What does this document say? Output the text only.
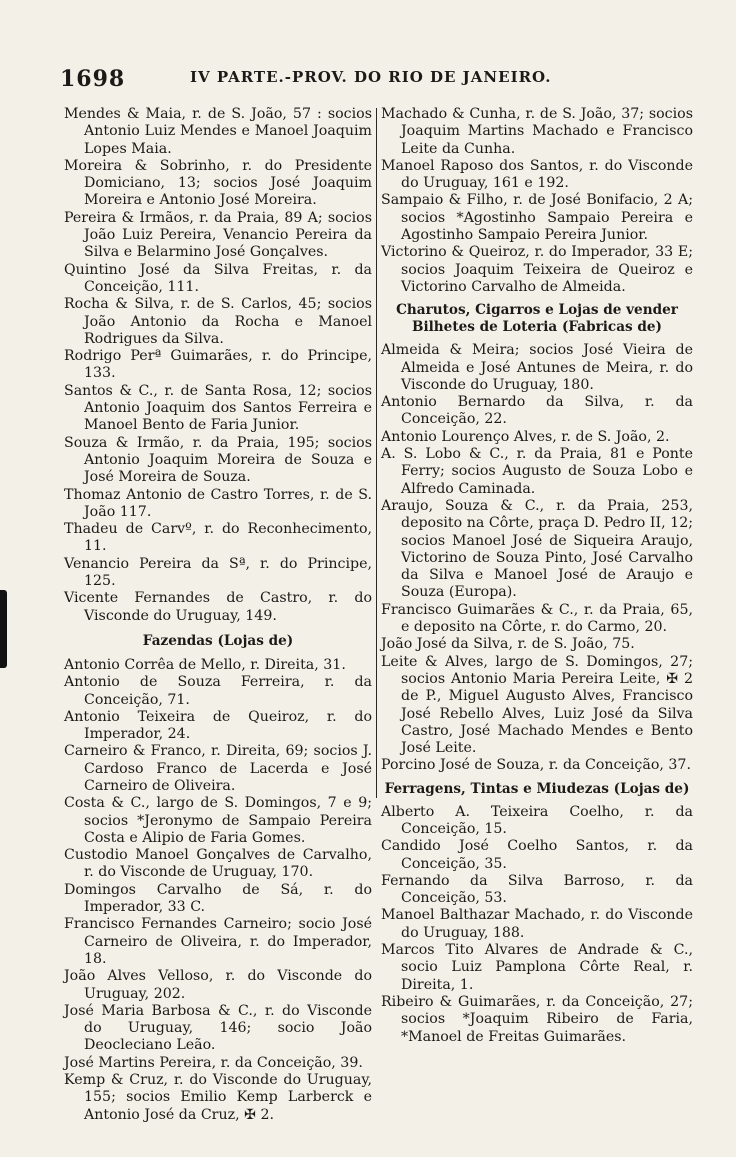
1698	IV PARTE.-PROV. DO RIO DE JANEIRO.

Mendes & Maia, r. de S. João, 57 : socios Antonio Luiz Mendes e Manoel Joaquim Lopes Maia.

Moreira & Sobrinho, r. do Presidente Domiciano, 13; socios José Joaquim Moreira e Antonio José Moreira.

Pereira & Irmãos, r. da Praia, 89 A; socios João Luiz Pereira, Venancio Pereira da Silva e Belarmino José Gonçalves.

Quintino José da Silva Freitas, r. da Conceição, 111.

Rocha & Silva, r. de S. Carlos, 45; socios João Antonio da Rocha e Manoel Rodrigues da Silva.

Rodrigo Perª Guimarães, r. do Principe, 133.

Santos & C., r. de Santa Rosa, 12; socios Antonio Joaquim dos Santos Ferreira e Manoel Bento de Faria Junior.

Souza & Irmão, r. da Praia, 195; socios Antonio Joaquim Moreira de Souza e José Moreira de Souza.

Thomaz Antonio de Castro Torres, r. de S. João 117.

Thadeu de Carvº, r. do Reconhecimento, 11.

Venancio Pereira da Sª, r. do Principe, 125.

Vicente Fernandes de Castro, r. do Visconde do Uruguay, 149.

Fazendas (Lojas de)

Antonio Corrêa de Mello, r. Direita, 31.

Antonio de Souza Ferreira, r. da Conceição, 71.

Antonio Teixeira de Queiroz, r. do Imperador, 24.

Carneiro & Franco, r. Direita, 69; socios J. Cardoso Franco de Lacerda e José Carneiro de Oliveira.

Costa & C., largo de S. Domingos, 7 e 9; socios *Jeronymo de Sampaio Pereira Costa e Alipio de Faria Gomes.

Custodio Manoel Gonçalves de Carvalho, r. do Visconde de Uruguay, 170.

Domingos Carvalho de Sá, r. do Imperador, 33 C.

Francisco Fernandes Carneiro; socio José Carneiro de Oliveira, r. do Imperador, 18.

João Alves Velloso, r. do Visconde do Uruguay, 202.

José Maria Barbosa & C., r. do Visconde do Uruguay, 146; socio João Deocleciano Leão.

José Martins Pereira, r. da Conceição, 39.

Kemp & Cruz, r. do Visconde do Uruguay, 155; socios Emilio Kemp Larberck e Antonio José da Cruz, ✠ 2.

Machado & Cunha, r. de S. João, 37; socios Joaquim Martins Machado e Francisco Leite da Cunha.

Manoel Raposo dos Santos, r. do Visconde do Uruguay, 161 e 192.

Sampaio & Filho, r. de José Bonifacio, 2 A; socios *Agostinho Sampaio Pereira e Agostinho Sampaio Pereira Junior.

Victorino & Queiroz, r. do Imperador, 33 E; socios Joaquim Teixeira de Queiroz e Victorino Carvalho de Almeida.

Charutos, Cigarros e Lojas de vender Bilhetes de Loteria (Fabricas de)

Almeida & Meira; socios José Vieira de Almeida e José Antunes de Meira, r. do Visconde do Uruguay, 180.

Antonio Bernardo da Silva, r. da Conceição, 22.

Antonio Lourenço Alves, r. de S. João, 2.

A. S. Lobo & C., r. da Praia, 81 e Ponte Ferry; socios Augusto de Souza Lobo e Alfredo Caminada.

Araujo, Souza & C., r. da Praia, 253, deposito na Côrte, praça D. Pedro II, 12; socios Manoel José de Siqueira Araujo, Victorino de Souza Pinto, José Carvalho da Silva e Manoel José de Araujo e Souza (Europa).

Francisco Guimarães & C., r. da Praia, 65, e deposito na Côrte, r. do Carmo, 20.

João José da Silva, r. de S. João, 75.

Leite & Alves, largo de S. Domingos, 27; socios Antonio Maria Pereira Leite, ✠ 2 de P., Miguel Augusto Alves, Francisco José Rebello Alves, Luiz José da Silva Castro, José Machado Mendes e Bento José Leite.

Porcino José de Souza, r. da Conceição, 37.

Ferragens, Tintas e Miudezas (Lojas de)

Alberto A. Teixeira Coelho, r. da Conceição, 15.

Candido José Coelho Santos, r. da Conceição, 35.

Fernando da Silva Barroso, r. da Conceição, 53.

Manoel Balthazar Machado, r. do Visconde do Uruguay, 188.

Marcos Tito Alvares de Andrade & C., socio Luiz Pamplona Côrte Real, r. Direita, 1.

Ribeiro & Guimarães, r. da Conceição, 27; socios *Joaquim Ribeiro de Faria, *Manoel de Freitas Guimarães.
